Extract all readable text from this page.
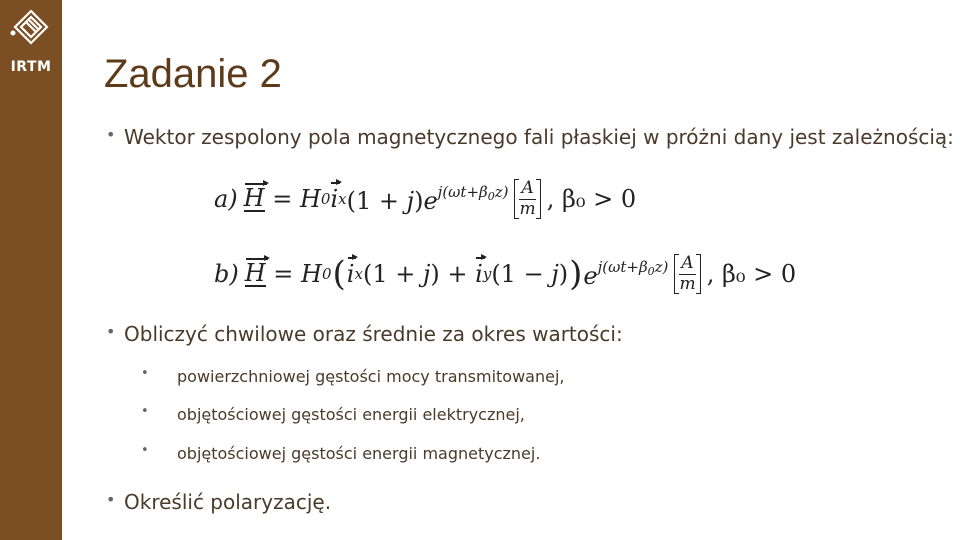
IRTM Zadanie 2
• Wektor zespolony pola magnetycznego fali płaskiej w próżni dany jest zależnością:
a) H = H 0 i x $(1 + j)e^{j(\omega t+\beta_0z)} \frac{A}{m}$ , β₀ > 0
b) H = H 0 ( i x (1 + j) + i y (1 − j) ) $e^{j(\omega t+\beta_0z)} \frac{A}{m}$ , β₀ > 0
• Obliczyć chwilowe oraz średnie za okres wartości:
• powierzchniowej gęstości mocy transmitowanej,
• objętościowej gęstości energii elektrycznej,
• objętościowej gęstości energii magnetycznej.
• Określić polaryzację.
